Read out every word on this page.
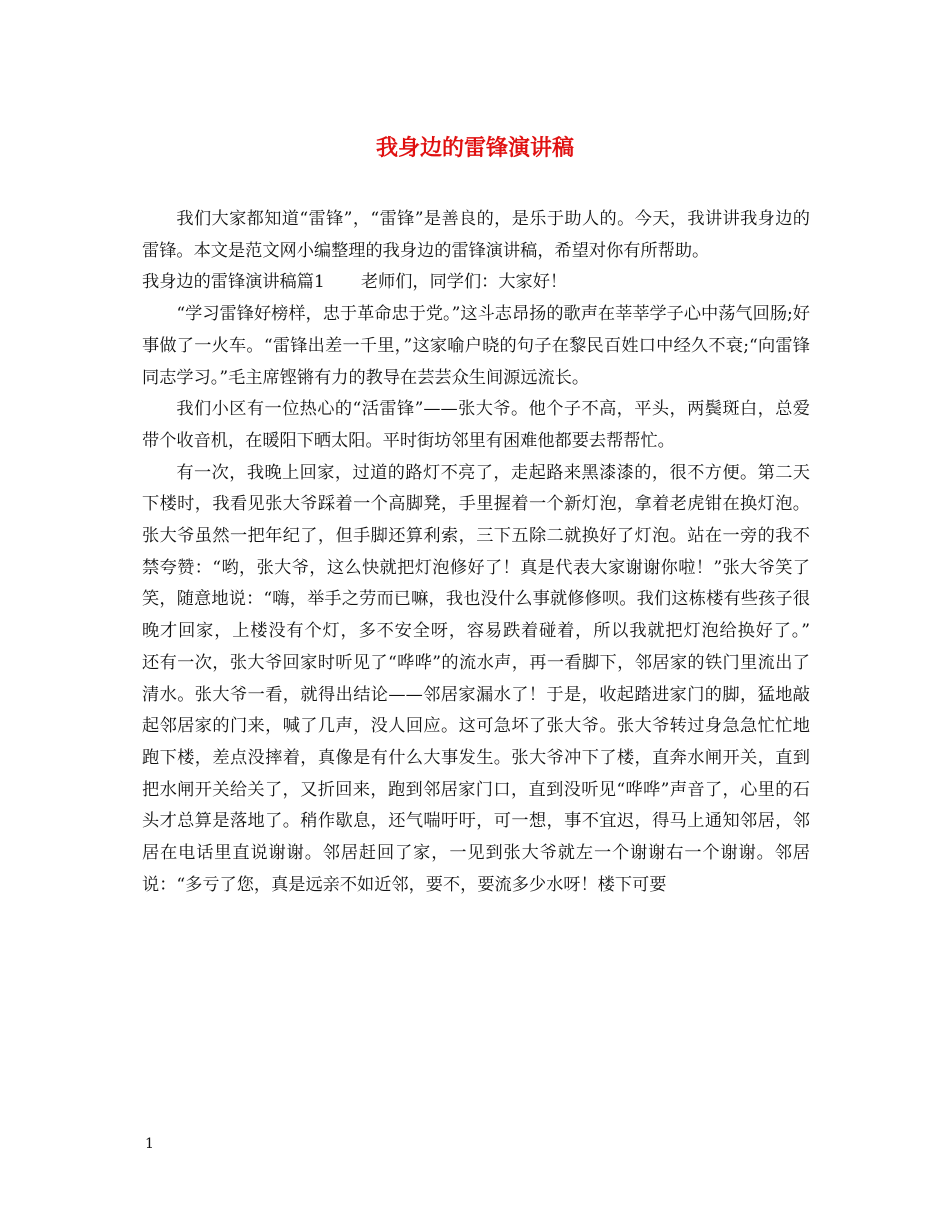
我身边的雷锋演讲稿

我们大家都知道“雷锋”，“雷锋”是善良的，是乐于助人的。今天，我讲讲我身边的雷锋。本文是范文网小编整理的我身边的雷锋演讲稿，希望对你有所帮助。

我身边的雷锋演讲稿篇1 老师们，同学们：大家好！

“学习雷锋好榜样，忠于革命忠于党。”这斗志昂扬的歌声在莘莘学子心中荡气回肠;好事做了一火车。“雷锋出差一千里，”这家喻户晓的句子在黎民百姓口中经久不衰;“向雷锋同志学习。”毛主席铿锵有力的教导在芸芸众生间源远流长。

我们小区有一位热心的“活雷锋”——张大爷。他个子不高，平头，两鬓斑白，总爱带个收音机，在暖阳下晒太阳。平时街坊邻里有困难他都要去帮帮忙。

有一次，我晚上回家，过道的路灯不亮了，走起路来黑漆漆的，很不方便。第二天下楼时，我看见张大爷踩着一个高脚凳，手里握着一个新灯泡，拿着老虎钳在换灯泡。张大爷虽然一把年纪了，但手脚还算利索，三下五除二就换好了灯泡。站在一旁的我不禁夸赞：“哟，张大爷，这么快就把灯泡修好了！真是代表大家谢谢你啦！”张大爷笑了笑，随意地说：“嗨，举手之劳而已嘛，我也没什么事就修修呗。我们这栋楼有些孩子很晚才回家，上楼没有个灯，多不安全呀，容易跌着碰着，所以我就把灯泡给换好了。”　还有一次，张大爷回家时听见了“哗哗”的流水声，再一看脚下，邻居家的铁门里流出了清水。张大爷一看，就得出结论——邻居家漏水了！于是，收起踏进家门的脚，猛地敲起邻居家的门来，喊了几声，没人回应。这可急坏了张大爷。张大爷转过身急急忙忙地跑下楼，差点没摔着，真像是有什么大事发生。张大爷冲下了楼，直奔水闸开关，直到把水闸开关给关了，又折回来，跑到邻居家门口，直到没听见“哗哗”声音了，心里的石头才总算是落地了。稍作歇息，还气喘吁吁，可一想，事不宜迟，得马上通知邻居，邻居在电话里直说谢谢。邻居赶回了家，一见到张大爷就左一个谢谢右一个谢谢。邻居说：“多亏了您，真是远亲不如近邻，要不，要流多少水呀！楼下可要

1
